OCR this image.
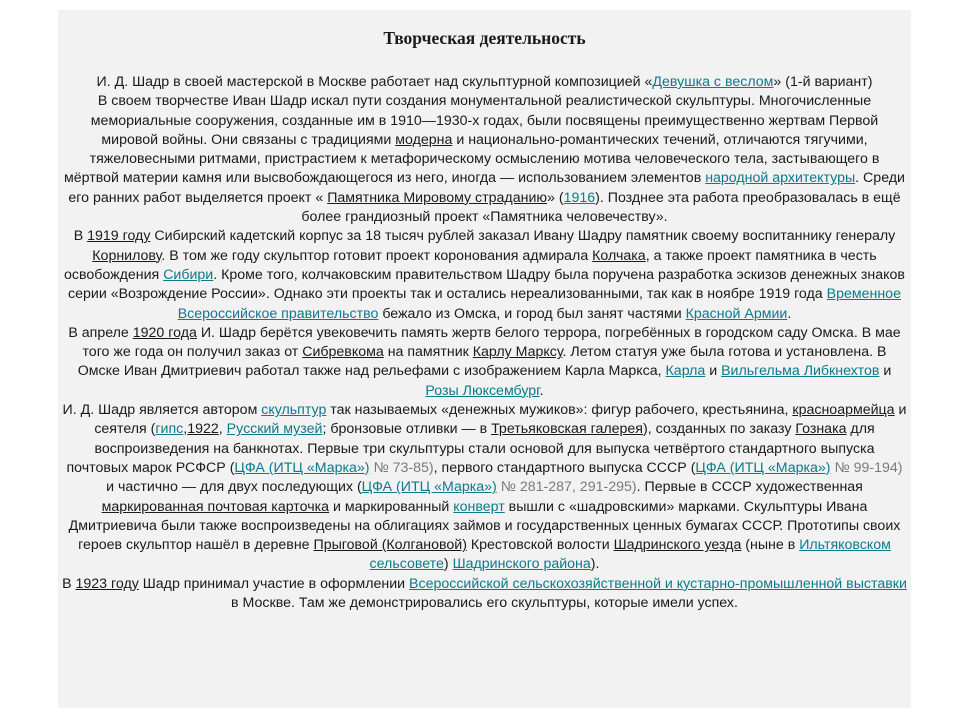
Творческая деятельность

И. Д. Шадр в своей мастерской в Москве работает над скульптурной композицией «Девушка с веслом» (1-й вариант)

В своем творчестве Иван Шадр искал пути создания монументальной реалистической скульптуры. Многочисленные мемориальные сооружения, созданные им в 1910—1930-х годах, были посвящены преимущественно жертвам Первой мировой войны. Они связаны с традициями модерна и национально-романтических течений, отличаются тягучими, тяжеловесными ритмами, пристрастием к метафорическому осмыслению мотива человеческого тела, застывающего в мёртвой материи камня или высвобождающегося из него, иногда — использованием элементов народной архитектуры. Среди его ранних работ выделяется проект « Памятника Мировому страданию» (1916). Позднее эта работа преобразовалась в ещё более грандиозный проект «Памятника человечеству».

В 1919 году Сибирский кадетский корпус за 18 тысяч рублей заказал Ивану Шадру памятник своему воспитаннику генералу Корнилову. В том же году скульптор готовит проект коронования адмирала Колчака, а также проект памятника в честь освобождения Сибири. Кроме того, колчаковским правительством Шадру была поручена разработка эскизов денежных знаков серии «Возрождение России». Однако эти проекты так и остались нереализованными, так как в ноябре 1919 года Временное Всероссийское правительство бежало из Омска, и город был занят частями Красной Армии.

В апреле 1920 года И. Шадр берётся увековечить память жертв белого террора, погребённых в городском саду Омска. В мае того же года он получил заказ от Сибревкома на памятник Карлу Марксу. Летом статуя уже была готова и установлена. В Омске Иван Дмитриевич работал также над рельефами с изображением Карла Маркса, Карла и Вильгельма Либкнехтов и Розы Люксембург.

И. Д. Шадр является автором скульптур так называемых «денежных мужиков»: фигур рабочего, крестьянина, красноармейца и сеятеля (гипс,1922, Русский музей; бронзовые отливки — в Третьяковская галерея), созданных по заказу Гознака для воспроизведения на банкнотах. Первые три скульптуры стали основой для выпуска четвёртого стандартного выпуска почтовых марок РСФСР (ЦФА (ИТЦ «Марка») № 73-85), первого стандартного выпуска СССР (ЦФА (ИТЦ «Марка») № 99-194) и частично — для двух последующих (ЦФА (ИТЦ «Марка») № 281-287, 291-295). Первые в СССР художественная маркированная почтовая карточка и маркированный конверт вышли с «шадровскими» марками. Скульптуры Ивана Дмитриевича были также воспроизведены на облигациях займов и государственных ценных бумагах СССР. Прототипы своих героев скульптор нашёл в деревне Прыговой (Колгановой) Крестовской волости Шадринского уезда (ныне в Ильтяковском сельсовете) Шадринского района).

В 1923 году Шадр принимал участие в оформлении Всероссийской сельскохозяйственной и кустарно-промышленной выставки в Москве. Там же демонстрировались его скульптуры, которые имели успех.
